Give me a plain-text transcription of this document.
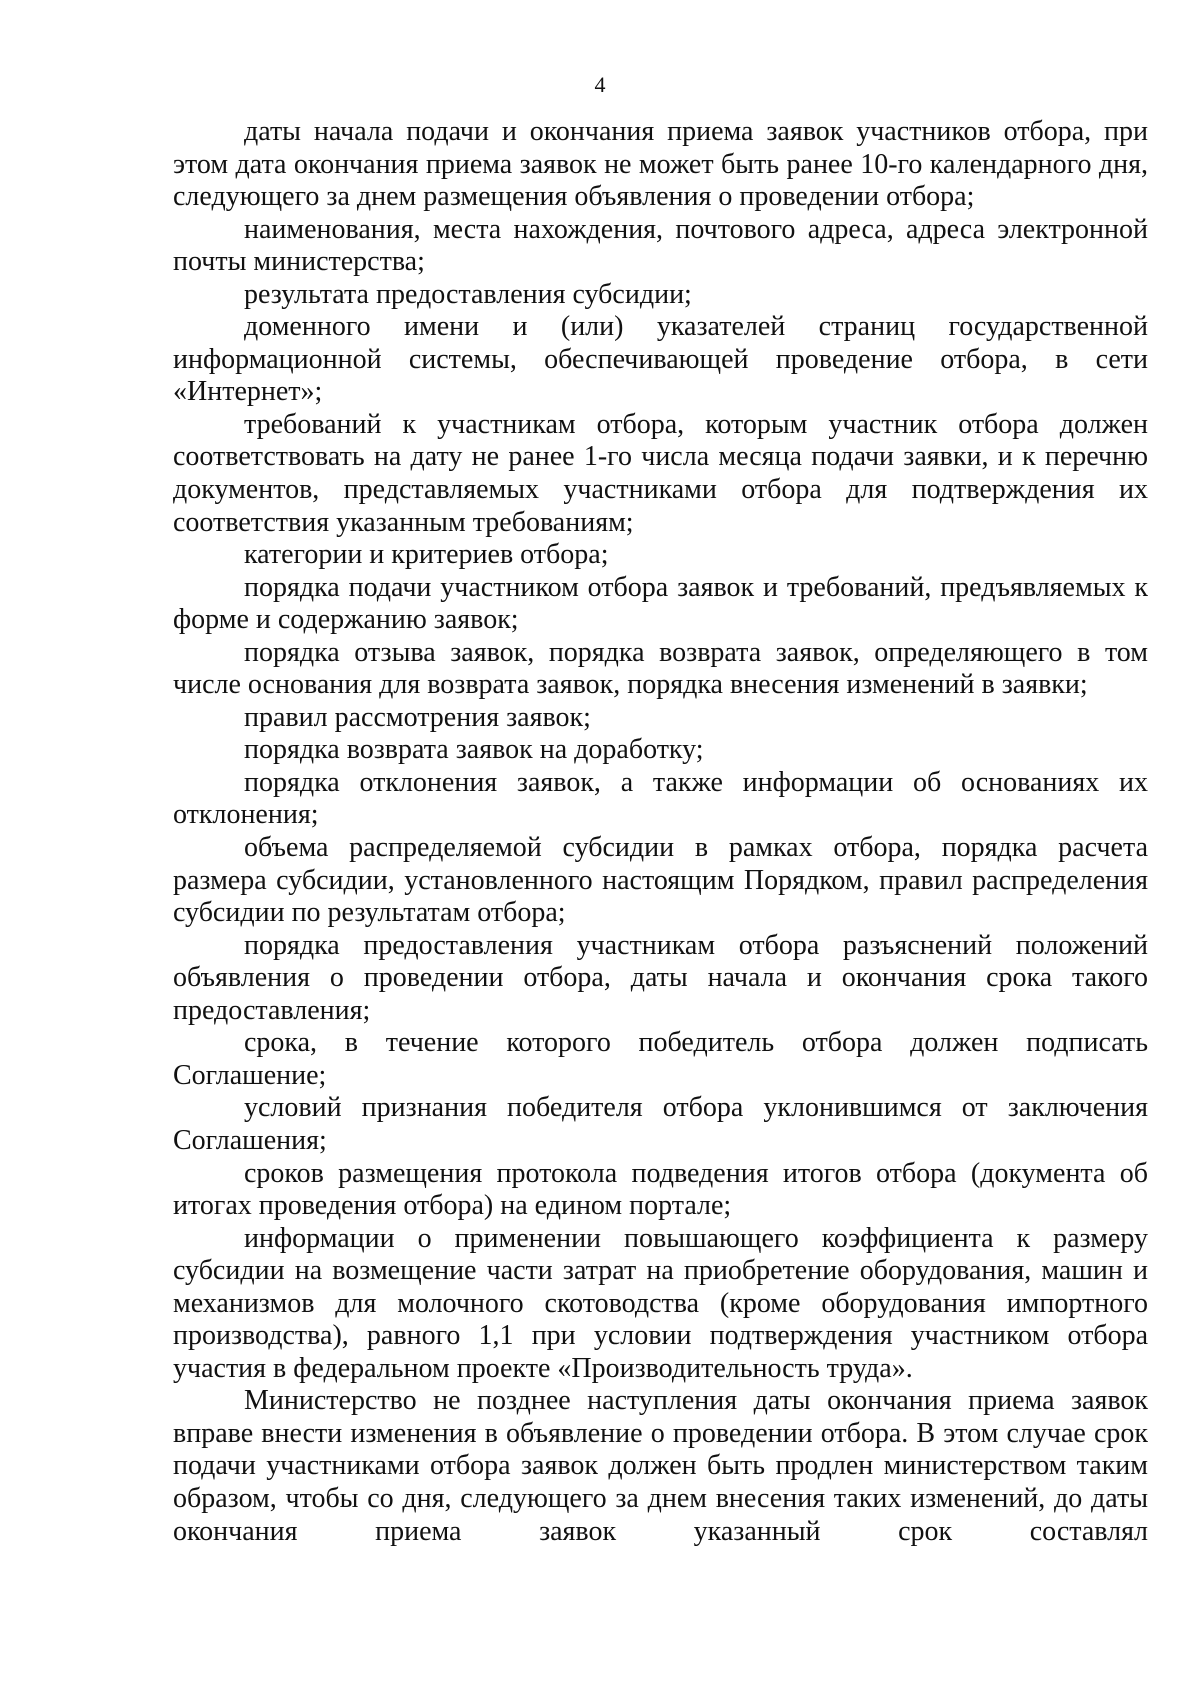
4

даты начала подачи и окончания приема заявок участников отбора, при этом дата окончания приема заявок не может быть ранее 10-го календарного дня, следующего за днем размещения объявления о проведении отбора;

наименования, места нахождения, почтового адреса, адреса электронной почты министерства;

результата предоставления субсидии;

доменного имени и (или) указателей страниц государственной информационной системы, обеспечивающей проведение отбора, в сети «Интернет»;

требований к участникам отбора, которым участник отбора должен соответствовать на дату не ранее 1-го числа месяца подачи заявки, и к перечню документов, представляемых участниками отбора для подтверждения их соответствия указанным требованиям;

категории и критериев отбора;

порядка подачи участником отбора заявок и требований, предъявляемых к форме и содержанию заявок;

порядка отзыва заявок, порядка возврата заявок, определяющего в том числе основания для возврата заявок, порядка внесения изменений в заявки;

правил рассмотрения заявок;

порядка возврата заявок на доработку;

порядка отклонения заявок, а также информации об основаниях их отклонения;

объема распределяемой субсидии в рамках отбора, порядка расчета размера субсидии, установленного настоящим Порядком, правил распределения субсидии по результатам отбора;

порядка предоставления участникам отбора разъяснений положений объявления о проведении отбора, даты начала и окончания срока такого предоставления;

срока, в течение которого победитель отбора должен подписать Соглашение;

условий признания победителя отбора уклонившимся от заключения Соглашения;

сроков размещения протокола подведения итогов отбора (документа об итогах проведения отбора) на едином портале;

информации о применении повышающего коэффициента к размеру субсидии на возмещение части затрат на приобретение оборудования, машин и механизмов для молочного скотоводства (кроме оборудования импортного производства), равного 1,1 при условии подтверждения участником отбора участия в федеральном проекте «Производительность труда».

Министерство не позднее наступления даты окончания приема заявок вправе внести изменения в объявление о проведении отбора. В этом случае срок подачи участниками отбора заявок должен быть продлен министерством таким образом, чтобы со дня, следующего за днем внесения таких изменений, до даты окончания приема заявок указанный срок составлял
